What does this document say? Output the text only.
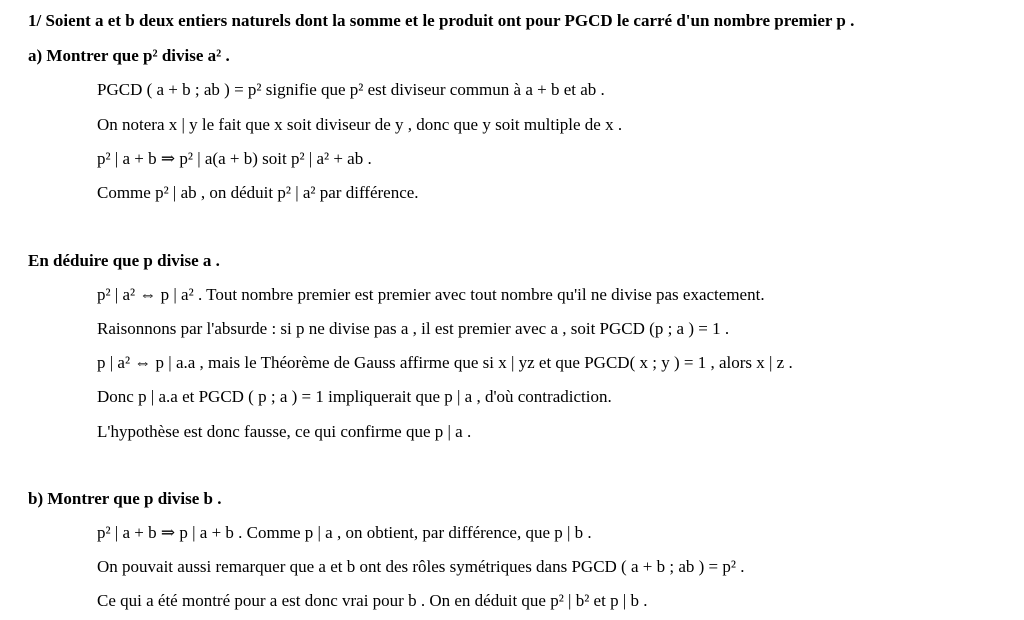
1/ Soient a et b deux entiers naturels dont la somme et le produit ont pour PGCD le carré d'un nombre premier p .
a) Montrer que p² divise a² .
PGCD ( a + b ; ab ) = p² signifie que p² est diviseur commun à a + b et ab .
On notera x | y le fait que x soit diviseur de y , donc que y soit multiple de x .
p² | a + b ⇒ p² | a(a + b) soit p² | a² + ab .
Comme p² | ab , on déduit p² | a² par différence.
En déduire que p divise a .
p² | a² ⇔ p | a² . Tout nombre premier est premier avec tout nombre qu'il ne divise pas exactement.
Raisonnons par l'absurde : si p ne divise pas a , il est premier avec a , soit PGCD (p ; a ) = 1 .
p | a² ⇔ p | a.a , mais le Théorème de Gauss affirme que si x | yz et que PGCD( x ; y ) = 1 , alors x | z .
Donc p | a.a et PGCD ( p ; a ) = 1 impliquerait que p | a , d'où contradiction.
L'hypothèse est donc fausse, ce qui confirme que p | a .
b) Montrer que p divise b .
p² | a + b ⇒ p | a + b . Comme p | a , on obtient, par différence, que p | b .
On pouvait aussi remarquer que a et b ont des rôles symétriques dans PGCD ( a + b ; ab ) = p² .
Ce qui a été montré pour a est donc vrai pour b . On en déduit que p² | b² et p | b .
